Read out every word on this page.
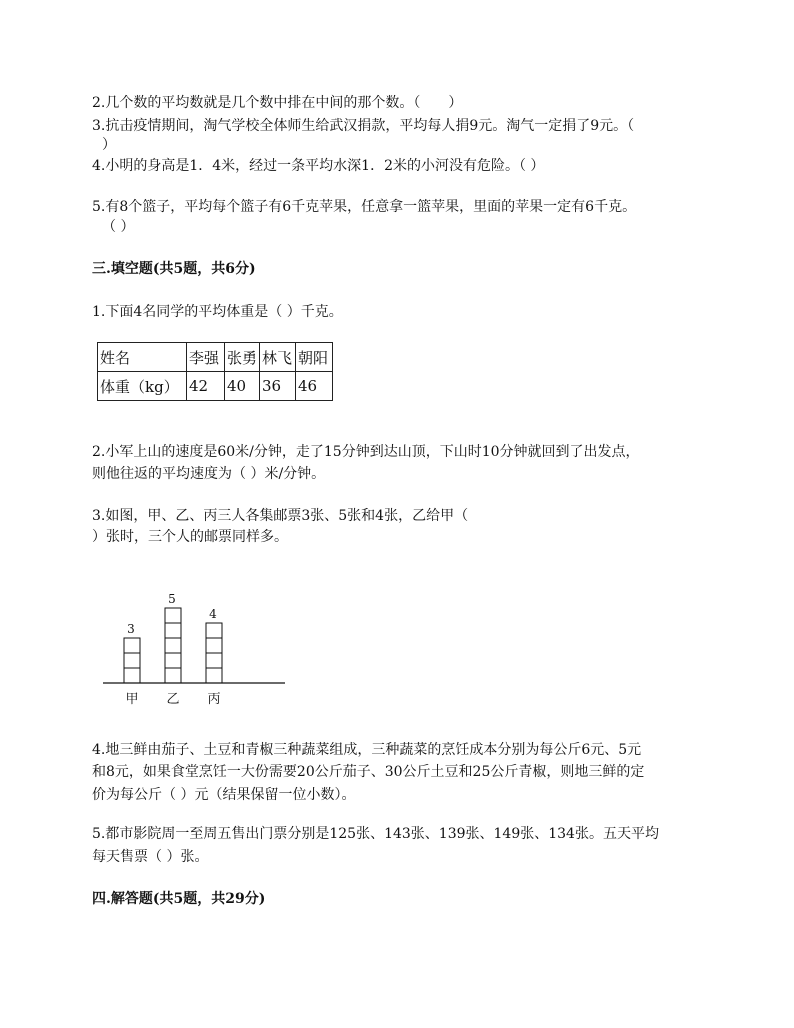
2.几个数的平均数就是几个数中排在中间的那个数。（　　）
3.抗击疫情期间，淘气学校全体师生给武汉捐款，平均每人捐9元。淘气一定捐了9元。（
）
4.小明的身高是1．4米，经过一条平均水深1．2米的小河没有危险。（ ）
5.有8个篮子，平均每个篮子有6千克苹果，任意拿一篮苹果，里面的苹果一定有6千克。
（ ）
三.填空题(共5题，共6分)
1.下面4名同学的平均体重是（ ）千克。
姓名	李强	张勇	林飞	朝阳
体重（kg）	42	40	36	46
2.小军上山的速度是60米/分钟，走了15分钟到达山顶，下山时10分钟就回到了出发点，
则他往返的平均速度为（ ）米/分钟。
3.如图，甲、乙、丙三人各集邮票3张、5张和4张，乙给甲（
）张时，三个人的邮票同样多。
3
甲
5
乙
4
丙
4.地三鲜由茄子、土豆和青椒三种蔬菜组成，三种蔬菜的烹饪成本分别为每公斤6元、5元
和8元，如果食堂烹饪一大份需要20公斤茄子、30公斤土豆和25公斤青椒，则地三鲜的定
价为每公斤（ ）元（结果保留一位小数）。
5.都市影院周一至周五售出门票分别是125张、143张、139张、149张、134张。五天平均
每天售票（ ）张。
四.解答题(共5题，共29分)
